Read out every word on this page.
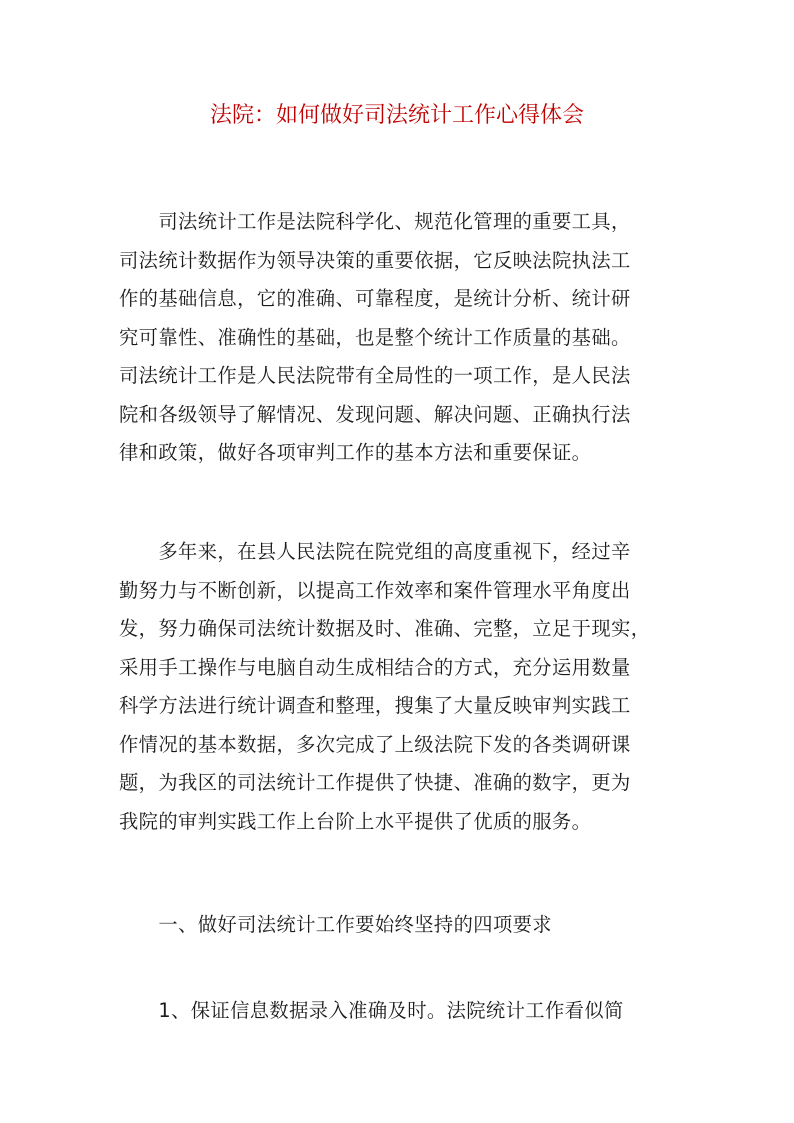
法院：如何做好司法统计工作心得体会

　　司法统计工作是法院科学化、规范化管理的重要工具，
司法统计数据作为领导决策的重要依据，它反映法院执法工
作的基础信息，它的准确、可靠程度，是统计分析、统计研
究可靠性、准确性的基础，也是整个统计工作质量的基础。
司法统计工作是人民法院带有全局性的一项工作，是人民法
院和各级领导了解情况、发现问题、解决问题、正确执行法
律和政策，做好各项审判工作的基本方法和重要保证。

　　多年来，在县人民法院在院党组的高度重视下，经过辛
勤努力与不断创新，以提高工作效率和案件管理水平角度出
发，努力确保司法统计数据及时、准确、完整，立足于现实，
采用手工操作与电脑自动生成相结合的方式，充分运用数量
科学方法进行统计调查和整理，搜集了大量反映审判实践工
作情况的基本数据，多次完成了上级法院下发的各类调研课
题，为我区的司法统计工作提供了快捷、准确的数字，更为
我院的审判实践工作上台阶上水平提供了优质的服务。

　　一、做好司法统计工作要始终坚持的四项要求

　　1、保证信息数据录入准确及时。法院统计工作看似简
